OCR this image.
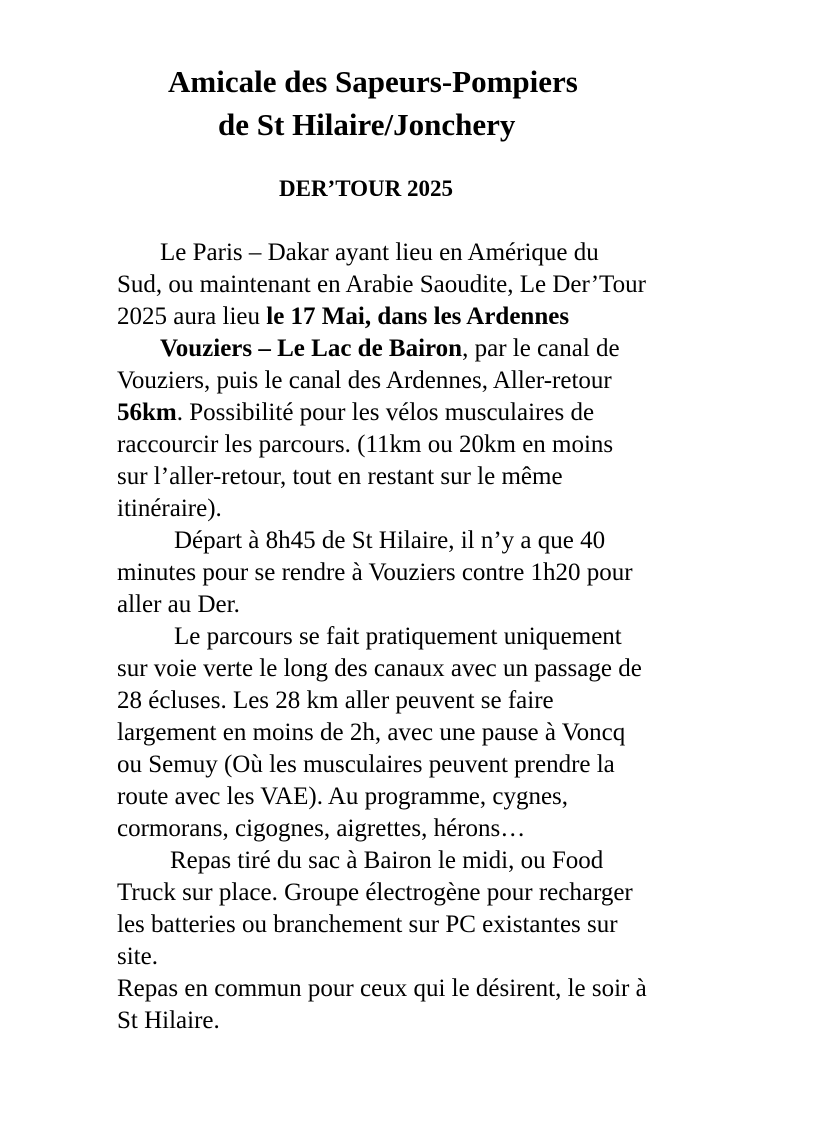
Amicale des Sapeurs-Pompiers
de St Hilaire/Jonchery
DER’TOUR 2025
Le Paris – Dakar ayant lieu en Amérique du
Sud, ou maintenant en Arabie Saoudite, Le Der’Tour
2025 aura lieu le 17 Mai, dans les Ardennes
Vouziers – Le Lac de Bairon, par le canal de
Vouziers, puis le canal des Ardennes, Aller-retour
56km. Possibilité pour les vélos musculaires de
raccourcir les parcours. (11km ou 20km en moins
sur l’aller-retour, tout en restant sur le même
itinéraire).
Départ à 8h45 de St Hilaire, il n’y a que 40
minutes pour se rendre à Vouziers contre 1h20 pour
aller au Der.
Le parcours se fait pratiquement uniquement
sur voie verte le long des canaux avec un passage de
28 écluses. Les 28 km aller peuvent se faire
largement en moins de 2h, avec une pause à Voncq
ou Semuy (Où les musculaires peuvent prendre la
route avec les VAE). Au programme, cygnes,
cormorans, cigognes, aigrettes, hérons…
Repas tiré du sac à Bairon le midi, ou Food
Truck sur place. Groupe électrogène pour recharger
les batteries ou branchement sur PC existantes sur
site.
Repas en commun pour ceux qui le désirent, le soir à
St Hilaire.
